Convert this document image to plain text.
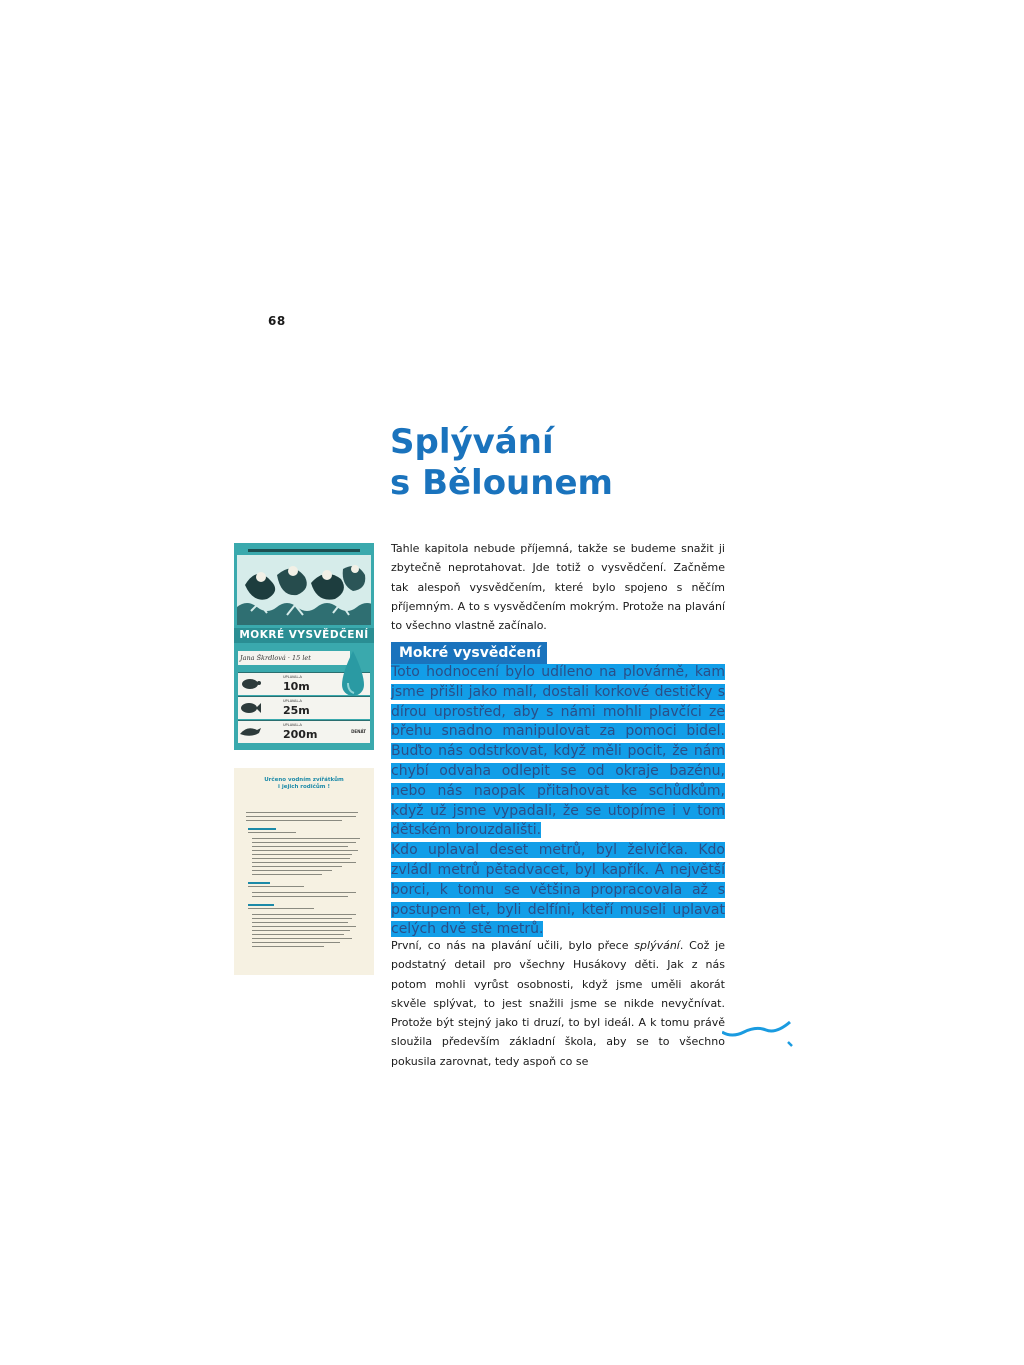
68
Splývání
s Bělounem

Tahle kapitola nebude příjemná, takže se budeme snažit ji zbytečně neprotahovat. Jde totiž o vysvědčení. Začněme tak alespoň vysvědčením, které bylo spojeno s něčím příjemným. A to s vysvědčením mokrým. Protože na plavání to všechno vlastně začínalo.

Mokré vysvědčení

Toto hodnocení bylo udíleno na plovárně, kam jsme přišli jako malí, dostali korkové destičky s dírou uprostřed, aby s námi mohli plavčíci ze břehu snadno manipulovat za pomoci bidel. Buďto nás odstrkovat, když měli pocit, že nám chybí odvaha odlepit se od okraje bazénu, nebo nás naopak přitahovat ke schůdkům, když už jsme vypadali, že se utopíme i v tom dětském brouzdališti.

Kdo uplaval deset metrů, byl želvička. Kdo zvládl metrů pětadvacet, byl kapřík. A největší borci, k tomu se většina propracovala až s postupem let, byli delfíni, kteří museli uplavat celých dvě stě metrů.

První, co nás na plavání učili, bylo přece splývání. Což je podstatný detail pro všechny Husákovy děti. Jak z nás potom mohli vyrůst osobnosti, když jsme uměli akorát skvěle splývat, to jest snažili jsme se nikde nevyčnívat. Protože být stejný jako ti druzí, to byl ideál. A k tomu právě sloužila především základní škola, aby se to všechno pokusila zarovnat, tedy aspoň co se

MOKRÉ VYSVĚDČENÍ
Jana Škrdlová · 15 let
UPLAVAL-A
10m
UPLAVAL-A
25m
UPLAVAL-A
200m	DENÁT
Určeno vodním zvířátkům
i jejich rodičům !
